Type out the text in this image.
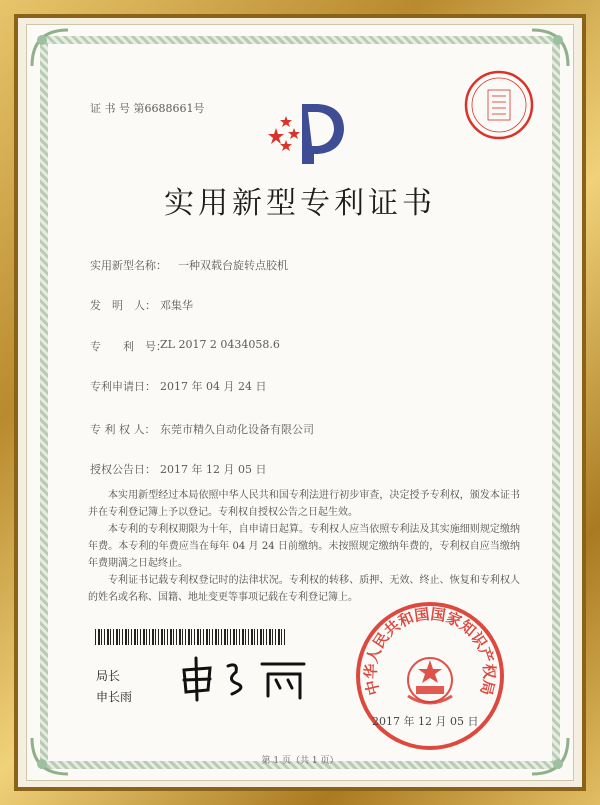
证 书 号 第6688661号
实用新型专利证书
实用新型名称： 一种双载台旋转点胶机
发　明　人： 邓集华
专　　利　号：
ZL 2017 2 0434058.6
专利申请日： 2017 年 04 月 24 日
专 利 权 人： 东莞市精久自动化设备有限公司
授权公告日： 2017 年 12 月 05 日
本实用新型经过本局依照中华人民共和国专利法进行初步审查，决定授予专利权，颁发本证书并在专利登记簿上予以登记。专利权自授权公告之日起生效。
本专利的专利权期限为十年，自申请日起算。专利权人应当依照专利法及其实施细则规定缴纳年费。本专利的年费应当在每年 04 月 24 日前缴纳。未按照规定缴纳年费的，专利权自应当缴纳年费期满之日起终止。
专利证书记载专利权登记时的法律状况。专利权的转移、质押、无效、终止、恢复和专利权人的姓名或名称、国籍、地址变更等事项记载在专利登记簿上。
局长
申长雨	中华人民共和国国家知识产权局
2017 年 12 月 05 日
第 1 页（共 1 页）
